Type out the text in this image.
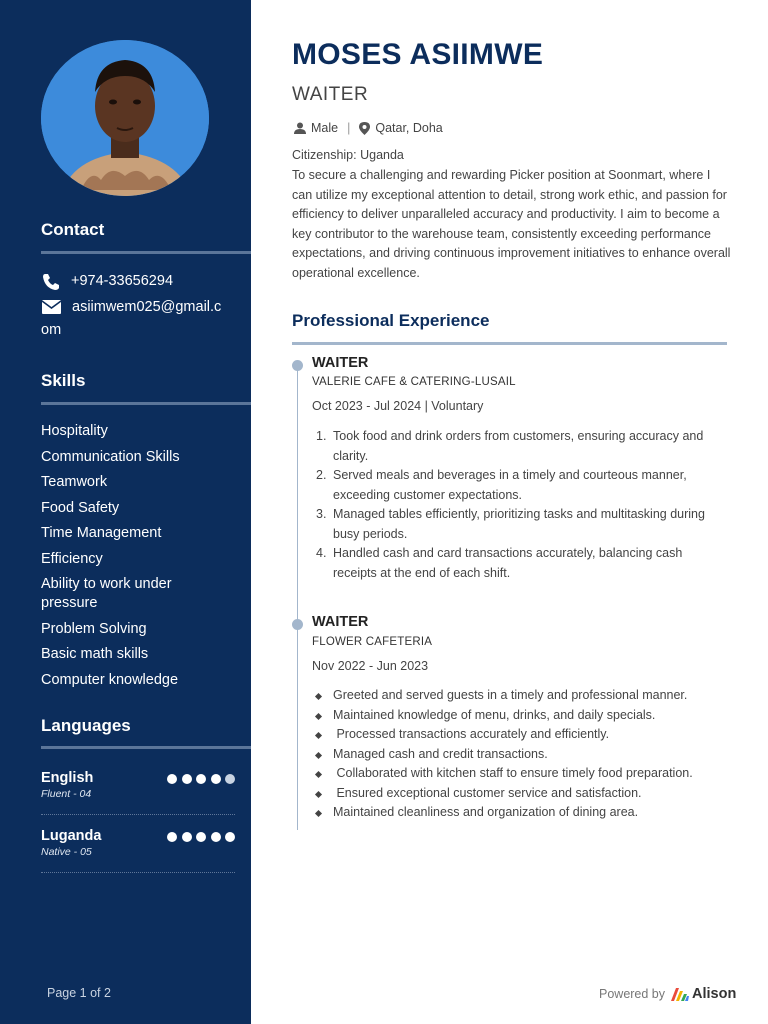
Contact
+974-33656294
asiimwem025@gmail.c
om
Skills
Hospitality
Communication Skills
Teamwork
Food Safety
Time Management
Efficiency
Ability to work under pressure
Problem Solving
Basic math skills
Computer knowledge
Languages
English
Fluent - 04
Luganda
Native - 05
Page 1 of 2
MOSES ASIIMWE
WAITER
Male | Qatar, Doha
Citizenship: Uganda
To secure a challenging and rewarding Picker position at Soonmart, where I can utilize my exceptional attention to detail, strong work ethic, and passion for efficiency to deliver unparalleled accuracy and productivity. I aim to become a key contributor to the warehouse team, consistently exceeding performance expectations, and driving continuous improvement initiatives to enhance overall operational excellence.
Professional Experience
WAITER
VALERIE CAFE & CATERING-LUSAIL
Oct 2023 - Jul 2024 | Voluntary
1. Took food and drink orders from customers, ensuring accuracy and clarity.
2. Served meals and beverages in a timely and courteous manner, exceeding customer expectations.
3. Managed tables efficiently, prioritizing tasks and multitasking during busy periods.
4. Handled cash and card transactions accurately, balancing cash receipts at the end of each shift.
WAITER
FLOWER CAFETERIA
Nov 2022 - Jun 2023
Greeted and served guests in a timely and professional manner.
Maintained knowledge of menu, drinks, and daily specials.
Processed transactions accurately and efficiently.
Managed cash and credit transactions.
Collaborated with kitchen staff to ensure timely food preparation.
Ensured exceptional customer service and satisfaction.
Maintained cleanliness and organization of dining area.
Powered by Alison
